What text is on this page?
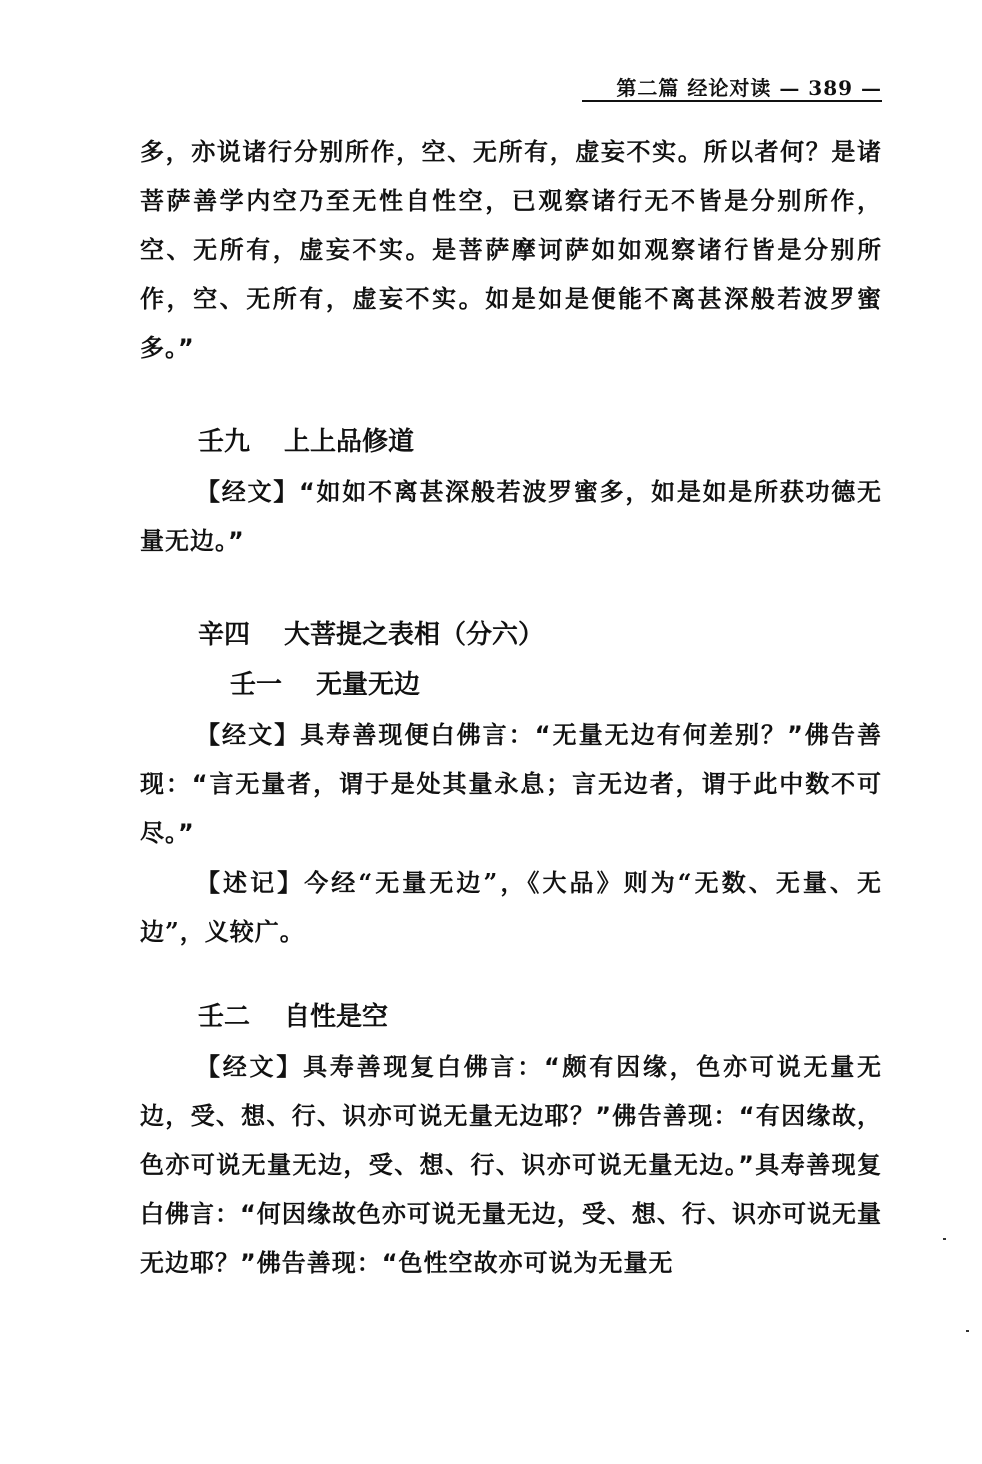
第二篇 经论对读 — 389 —

多，亦说诸行分别所作，空、无所有，虚妄不实。所以者何？是诸菩萨善学内空乃至无性自性空，已观察诸行无不皆是分别所作，空、无所有，虚妄不实。是菩萨摩诃萨如如观察诸行皆是分别所作，空、无所有，虚妄不实。如是如是便能不离甚深般若波罗蜜多。”

壬九 上上品修道

【经文】“如如不离甚深般若波罗蜜多，如是如是所获功德无量无边。”

辛四 大菩提之表相（分六）

壬一 无量无边

【经文】具寿善现便白佛言：“无量无边有何差别？”佛告善现：“言无量者，谓于是处其量永息；言无边者，谓于此中数不可尽。”

【述记】今经“无量无边”，《大品》则为“无数、无量、无边”，义较广。

壬二 自性是空

【经文】具寿善现复白佛言：“颇有因缘，色亦可说无量无边，受、想、行、识亦可说无量无边耶？”佛告善现：“有因缘故，色亦可说无量无边，受、想、行、识亦可说无量无边。”具寿善现复白佛言：“何因缘故色亦可说无量无边，受、想、行、识亦可说无量无边耶？”佛告善现：“色性空故亦可说为无量无
